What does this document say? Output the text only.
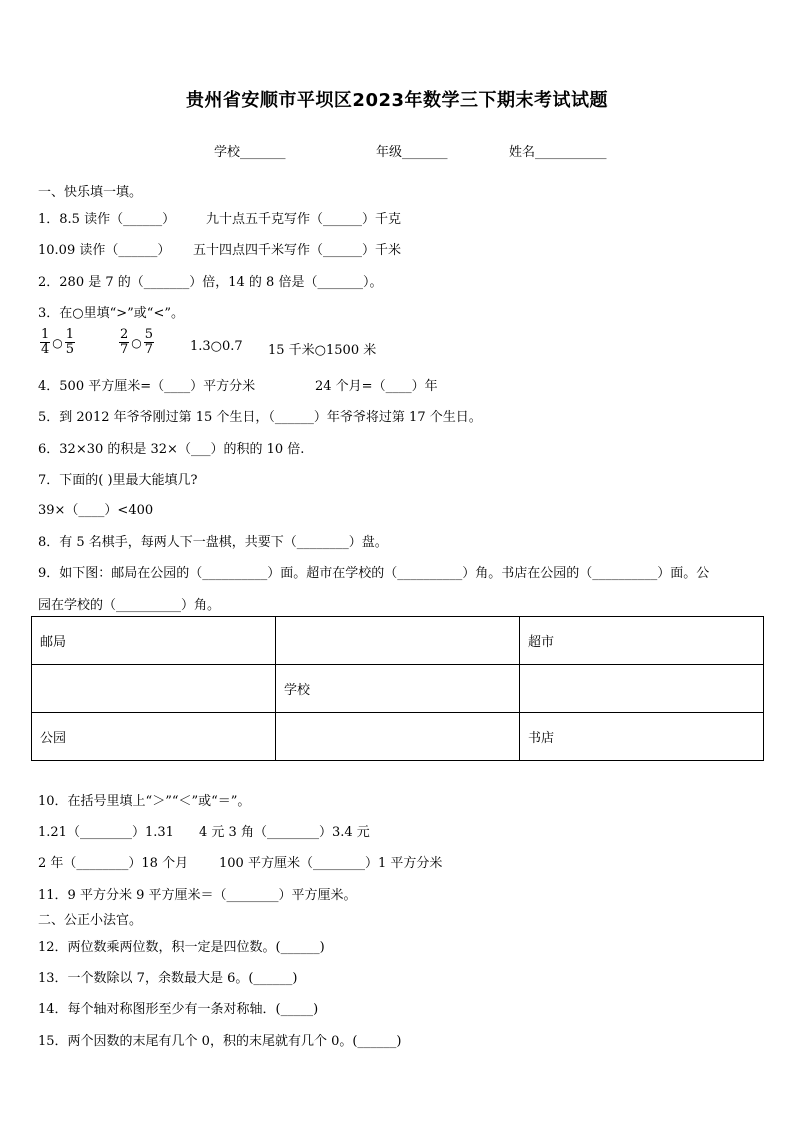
贵州省安顺市平坝区2023年数学三下期末考试试题
学校_______	年级_______	姓名___________
一、快乐填一填。
1．8.5 读作（______） 九十点五千克写作（______）千克
10.09 读作（______） 五十四点四千米写作（______）千米
2．280 是 7 的（_______）倍，14 的 8 倍是（_______）。
3．在○里填“>”或“<”。
$\frac{1}{4}$ ○ $\frac{1}{5}$	$\frac{2}{7}$ ○ $\frac{5}{7}$	1.3○0.7 15 千米○1500 米
4．500 平方厘米=（____）平方分米	24 个月=（____）年
5．到 2012 年爷爷刚过第 15 个生日，（______）年爷爷将过第 17 个生日。
6．32×30 的积是 32×（___）的积的 10 倍.
7．下面的( )里最大能填几?
39×（____）<400
8．有 5 名棋手，每两人下一盘棋，共要下（________）盘。
9．如下图：邮局在公园的（__________）面。超市在学校的（__________）角。书店在公园的（__________）面。公
园在学校的（__________）角。
邮局		超市
	学校	
公园		书店
10．在括号里填上“＞”“＜”或“＝”。
1.21（________）1.31 4 元 3 角（________）3.4 元
2 年（________）18 个月 100 平方厘米（________）1 平方分米
11．9 平方分米 9 平方厘米＝（________）平方厘米。
二、公正小法官。
12．两位数乘两位数，积一定是四位数。(______)
13．一个数除以 7，余数最大是 6。(______)
14．每个轴对称图形至少有一条对称轴．(_____)
15．两个因数的末尾有几个 0，积的末尾就有几个 0。(______)
